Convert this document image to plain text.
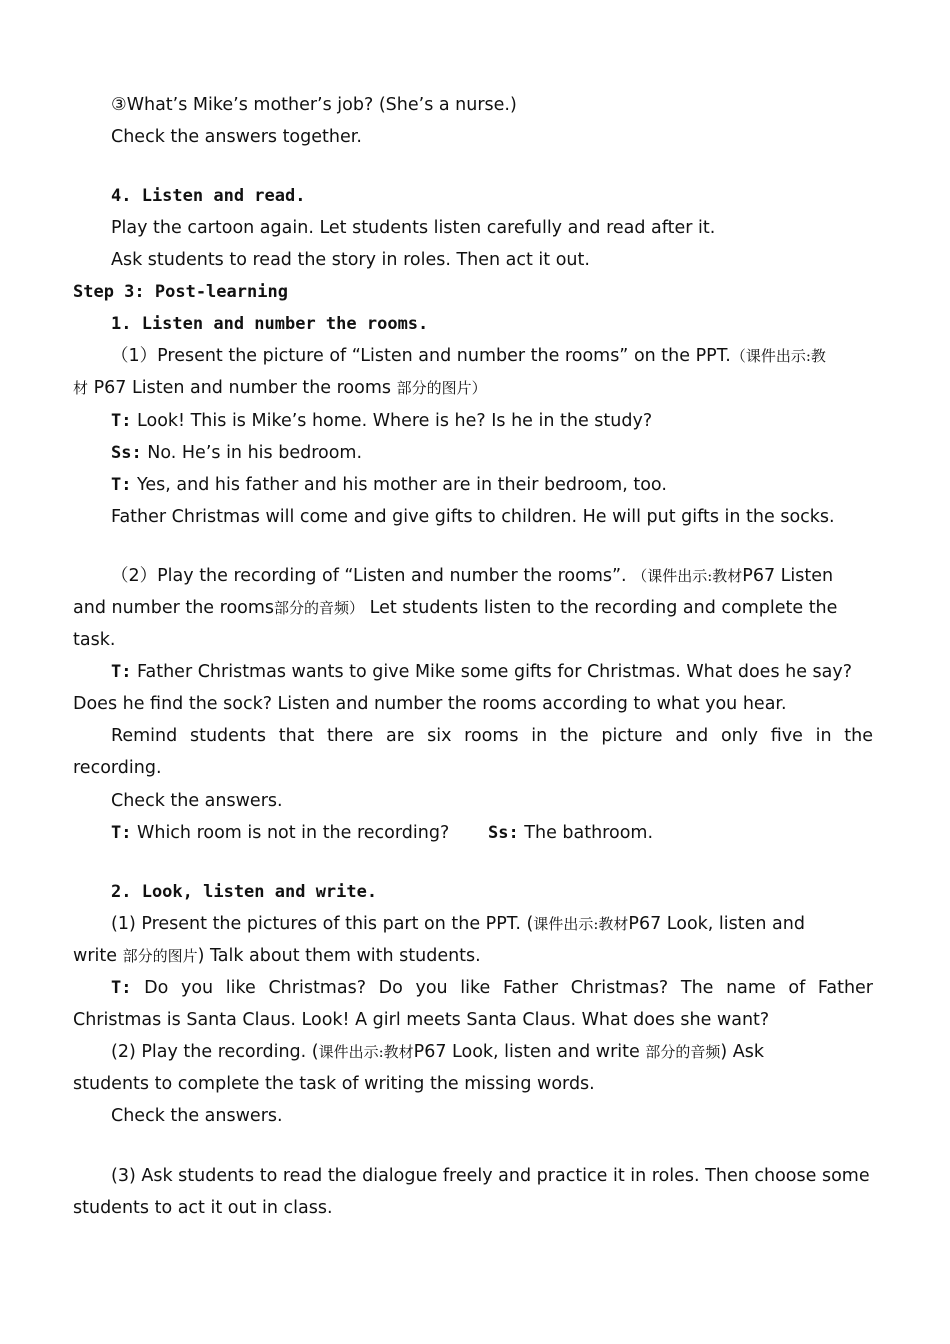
③What’s Mike’s mother’s job? (She’s a nurse.)
Check the answers together.
4. Listen and read.
Play the cartoon again. Let students listen carefully and read after it.
Ask students to read the story in roles. Then act it out.
Step 3: Post-learning
1. Listen and number the rooms.
（1）Present the picture of “Listen and number the rooms” on the PPT.（课件出示:教
材 P67 Listen and number the rooms 部分的图片）
T: Look! This is Mike’s home. Where is he? Is he in the study?
Ss: No. He’s in his bedroom.
T: Yes, and his father and his mother are in their bedroom, too.
Father Christmas will come and give gifts to children. He will put gifts in the socks.
（2）Play the recording of “Listen and number the rooms”. （课件出示:教材P67 Listen
and number the rooms部分的音频） Let students listen to the recording and complete the
task.
T: Father Christmas wants to give Mike some gifts for Christmas. What does he say?
Does he find the sock? Listen and number the rooms according to what you hear.
Remind students that there are six rooms in the picture and only five in the
recording.
Check the answers.
T: Which room is not in the recording? Ss: The bathroom.
2. Look, listen and write.
(1) Present the pictures of this part on the PPT. (课件出示:教材P67 Look, listen and
write 部分的图片) Talk about them with students.
T: Do you like Christmas? Do you like Father Christmas? The name of Father
Christmas is Santa Claus. Look! A girl meets Santa Claus. What does she want?
(2) Play the recording. (课件出示:教材P67 Look, listen and write 部分的音频) Ask
students to complete the task of writing the missing words.
Check the answers.
(3) Ask students to read the dialogue freely and practice it in roles. Then choose some
students to act it out in class.
